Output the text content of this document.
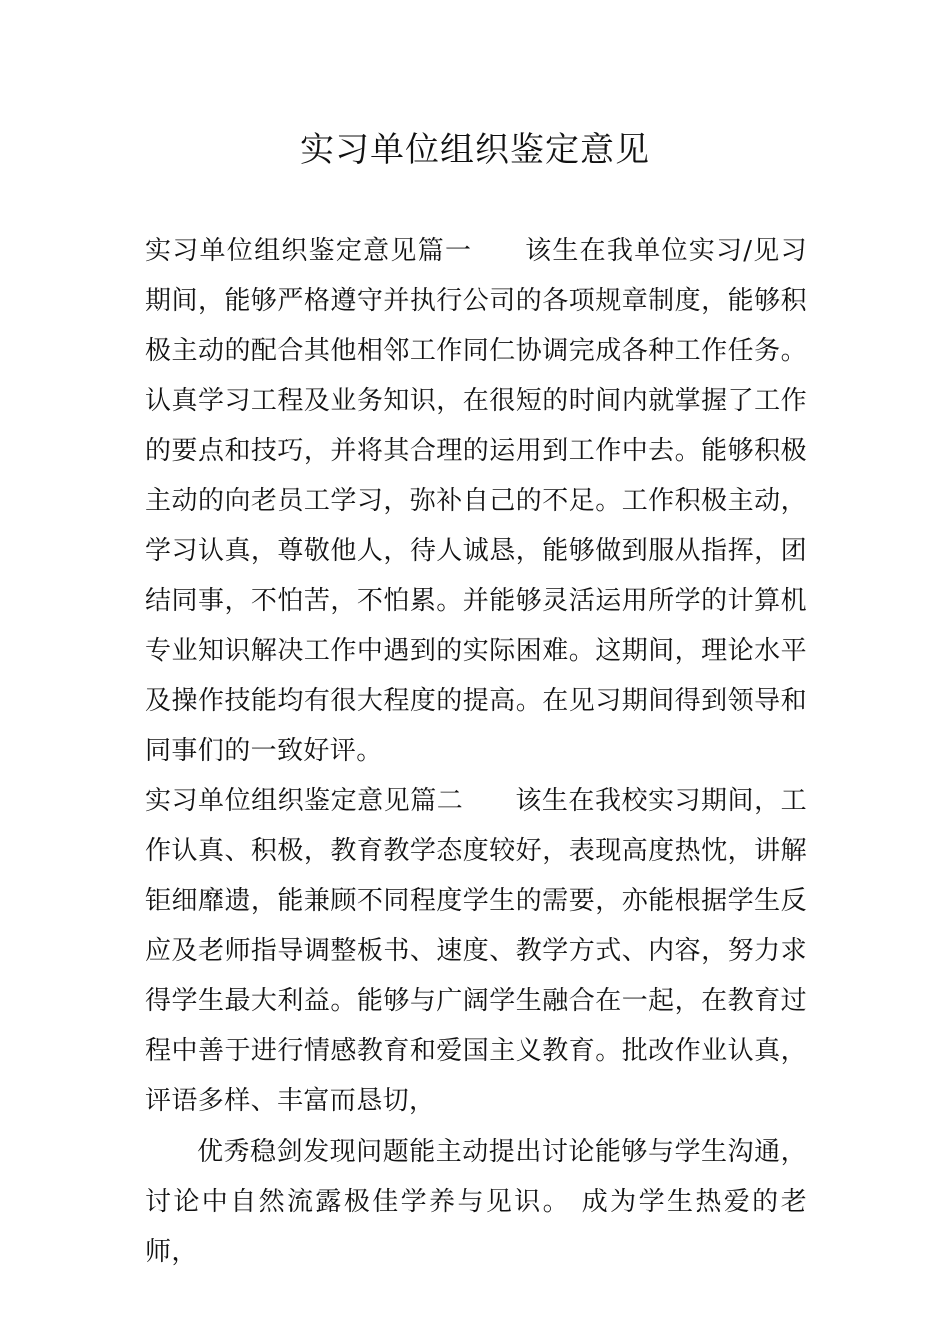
实习单位组织鉴定意见

实习单位组织鉴定意见篇一 该生在我单位实习/见习期间，能够严格遵守并执行公司的各项规章制度，能够积极主动的配合其他相邻工作同仁协调完成各种工作任务。认真学习工程及业务知识，在很短的时间内就掌握了工作的要点和技巧，并将其合理的运用到工作中去。能够积极主动的向老员工学习，弥补自己的不足。工作积极主动，学习认真，尊敬他人，待人诚恳，能够做到服从指挥，团结同事，不怕苦，不怕累。并能够灵活运用所学的计算机专业知识解决工作中遇到的实际困难。这期间，理论水平及操作技能均有很大程度的提高。在见习期间得到领导和同事们的一致好评。

实习单位组织鉴定意见篇二 该生在我校实习期间，工作认真、积极，教育教学态度较好，表现高度热忱，讲解钜细靡遗，能兼顾不同程度学生的需要，亦能根据学生反应及老师指导调整板书、速度、教学方式、内容，努力求得学生最大利益。能够与广阔学生融合在一起，在教育过程中善于进行情感教育和爱国主义教育。批改作业认真，评语多样、丰富而恳切，

优秀稳剑发现问题能主动提出讨论能够与学生沟通，讨论中自然流露极佳学养与见识。 成为学生热爱的老师，
